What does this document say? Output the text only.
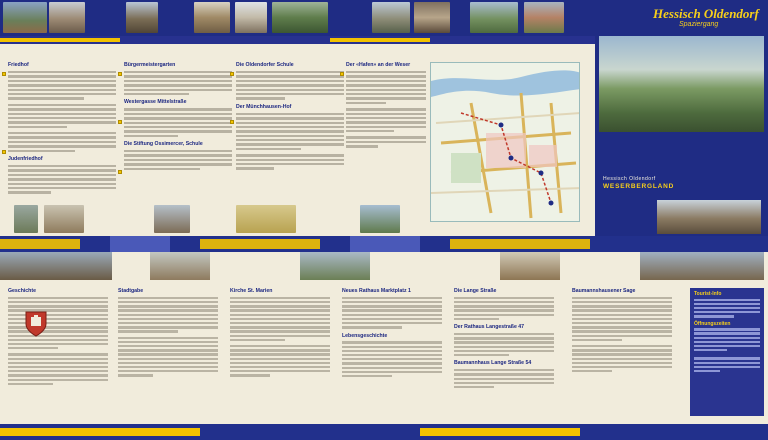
Friedhof

Judenfriedhof

Bürgermeistergarten

Westergasse Mittelstraße

Die Stiftung Ossimercer, Schule

Die Oldendorfer Schule

Der Münchhausen-Hof

Der «Hafen» an der Weser

Hessisch Oldendorf
Spaziergang
Hessisch Oldendorf
WESERBERGLAND
Geschichte	Stadtgabe	Kirche St. Marien	Neues Rathaus Marktplatz 1

Lebensgeschichte

Die Lange Straße

Der Rathaus Langestraße 47

Baumannhaus Lange Straße 54

Baumannshausener Sage	Tourist-Info
Öffnungszeiten
